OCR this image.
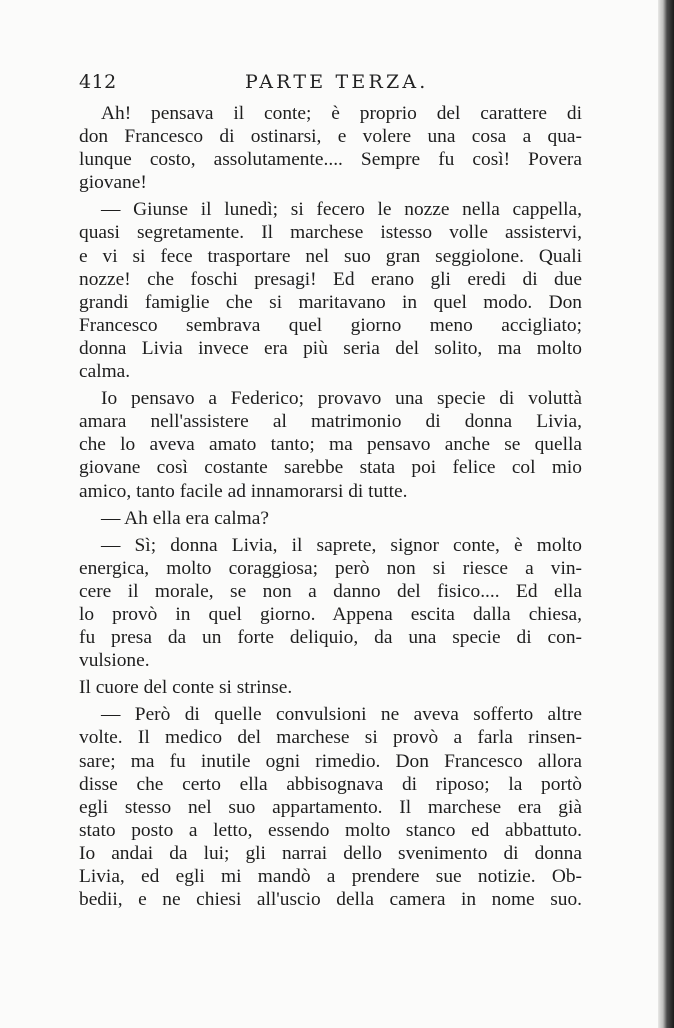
412	PARTE TERZA.
Ah! pensava il conte; è proprio del carattere di
don Francesco di ostinarsi, e volere una cosa a qua-
lunque costo, assolutamente.... Sempre fu così! Povera
giovane!
— Giunse il lunedì; si fecero le nozze nella cappella,
quasi segretamente. Il marchese istesso volle assistervi,
e vi si fece trasportare nel suo gran seggiolone. Quali
nozze! che foschi presagi! Ed erano gli eredi di due
grandi famiglie che si maritavano in quel modo. Don
Francesco sembrava quel giorno meno accigliato;
donna Livia invece era più seria del solito, ma molto
calma.
Io pensavo a Federico; provavo una specie di voluttà
amara nell'assistere al matrimonio di donna Livia,
che lo aveva amato tanto; ma pensavo anche se quella
giovane così costante sarebbe stata poi felice col mio
amico, tanto facile ad innamorarsi di tutte.
— Ah ella era calma?
— Sì; donna Livia, il saprete, signor conte, è molto
energica, molto coraggiosa; però non si riesce a vin-
cere il morale, se non a danno del fisico.... Ed ella
lo provò in quel giorno. Appena escita dalla chiesa,
fu presa da un forte deliquio, da una specie di con-
vulsione.
Il cuore del conte si strinse.
— Però di quelle convulsioni ne aveva sofferto altre
volte. Il medico del marchese si provò a farla rinsen-
sare; ma fu inutile ogni rimedio. Don Francesco allora
disse che certo ella abbisognava di riposo; la portò
egli stesso nel suo appartamento. Il marchese era già
stato posto a letto, essendo molto stanco ed abbattuto.
Io andai da lui; gli narrai dello svenimento di donna
Livia, ed egli mi mandò a prendere sue notizie. Ob-
bedii, e ne chiesi all'uscio della camera in nome suo.
